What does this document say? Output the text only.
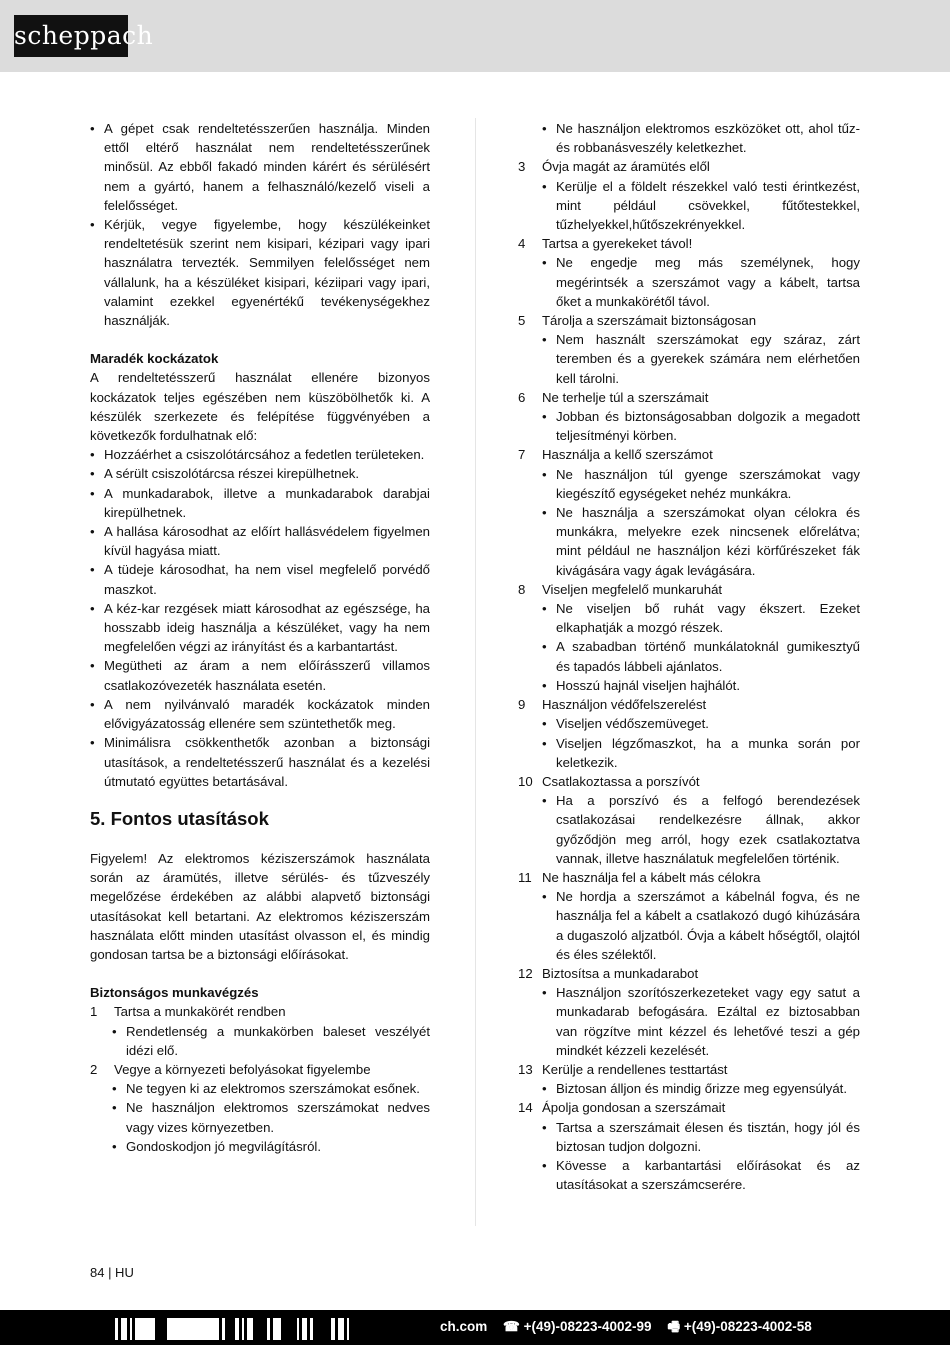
scheppach
• A gépet csak rendeltetésszerűen használja. Minden ettől eltérő használat nem rendeltetésszerűnek minősül. Az ebből fakadó minden kárért és sérülésért nem a gyártó, hanem a felhasználó/kezelő viseli a felelősséget.
• Kérjük, vegye figyelembe, hogy készülékeinket rendeltetésük szerint nem kisipari, kézipari vagy ipari használatra tervezték. Semmilyen felelősséget nem vállalunk, ha a készüléket kisipari, kéziipari vagy ipari, valamint ezekkel egyenértékű tevékenységekhez használják.

Maradék kockázatok

A rendeltetésszerű használat ellenére bizonyos kockázatok teljes egészében nem küszöbölhetők ki. A készülék szerkezete és felépítése függvényében a következők fordulhatnak elő:

• Hozzáérhet a csiszolótárcsához a fedetlen területeken.
• A sérült csiszolótárcsa részei kirepülhetnek.
• A munkadarabok, illetve a munkadarabok darabjai kirepülhetnek.
• A hallása károsodhat az előírt hallásvédelem figyelmen kívül hagyása miatt.
• A tüdeje károsodhat, ha nem visel megfelelő porvédő maszkot.
• A kéz-kar rezgések miatt károsodhat az egészsége, ha hosszabb ideig használja a készüléket, vagy ha nem megfelelően végzi az irányítást és a karbantartást.
• Megütheti az áram a nem előírásszerű villamos csatlakozóvezeték használata esetén.
• A nem nyilvánvaló maradék kockázatok minden elővigyázatosság ellenére sem szüntethetők meg.
• Minimálisra csökkenthetők azonban a biztonsági utasítások, a rendeltetésszerű használat és a kezelési útmutató együttes betartásával.

5. Fontos utasítások

Figyelem! Az elektromos kéziszerszámok használata során az áramütés, illetve sérülés- és tűzveszély megelőzése érdekében az alábbi alapvető biztonsági utasításokat kell betartani. Az elektromos kéziszerszám használata előtt minden utasítást olvasson el, és mindig gondosan tartsa be a biztonsági előírásokat.

Biztonságos munkavégzés

1 Tartsa a munkakörét rendben
• Rendetlenség a munkakörben baleset veszélyét idézi elő.
2 Vegye a környezeti befolyásokat figyelembe
• Ne tegyen ki az elektromos szerszámokat esőnek.
• Ne használjon elektromos szerszámokat nedves vagy vizes környezetben.
• Gondoskodjon jó megvilágításról.
• Ne használjon elektromos eszközöket ott, ahol tűz- és robbanásveszély keletkezhet.
3 Óvja magát az áramütés elől
• Kerülje el a földelt részekkel való testi érintkezést, mint például csövekkel, fűtőtestekkel, tűzhelyekkel,hűtőszekrényekkel.
4 Tartsa a gyerekeket távol!
• Ne engedje meg más személynek, hogy megérintsék a szerszámot vagy a kábelt, tartsa őket a munkakörétől távol.
5 Tárolja a szerszámait biztonságosan
• Nem használt szerszámokat egy száraz, zárt teremben és a gyerekek számára nem elérhetően kell tárolni.
6 Ne terhelje túl a szerszámait
• Jobban és biztonságosabban dolgozik a megadott teljesítményi körben.
7 Használja a kellő szerszámot
• Ne használjon túl gyenge szerszámokat vagy kiegészítő egységeket nehéz munkákra.
• Ne használja a szerszámokat olyan célokra és munkákra, melyekre ezek nincsenek előrelátva; mint például ne használjon kézi körfűrészeket fák kivágására vagy ágak levágására.
8 Viseljen megfelelő munkaruhát
• Ne viseljen bő ruhát vagy ékszert. Ezeket elkaphatják a mozgó részek.
• A szabadban történő munkálatoknál gumikesztyű és tapadós lábbeli ajánlatos.
• Hosszú hajnál viseljen hajhálót.
9 Használjon védőfelszerelést
• Viseljen védőszemüveget.
• Viseljen légzőmaszkot, ha a munka során por keletkezik.
10 Csatlakoztassa a porszívót
• Ha a porszívó és a felfogó berendezések csatlakozásai rendelkezésre állnak, akkor győződjön meg arról, hogy ezek csatlakoztatva vannak, illetve használatuk megfelelően történik.
11 Ne használja fel a kábelt más célokra
• Ne hordja a szerszámot a kábelnál fogva, és ne használja fel a kábelt a csatlakozó dugó kihúzására a dugaszoló aljzatból. Óvja a kábelt hőségtől, olajtól és éles szélektől.
12 Biztosítsa a munkadarabot
• Használjon szorítószerkezeteket vagy egy satut a munkadarab befogására. Ezáltal ez biztosabban van rögzítve mint kézzel és lehetővé teszi a gép mindkét kézzeli kezelését.
13 Kerülje a rendellenes testtartást
• Biztosan álljon és mindig őrizze meg egyensúlyát.
14 Ápolja gondosan a szerszámait
• Tartsa a szerszámait élesen és tisztán, hogy jól és biztosan tudjon dolgozni.
• Kövesse a karbantartási előírásokat és az utasításokat a szerszámcserére.
84 | HU
ch.com ☎ +(49)-08223-4002-99 🖷 +(49)-08223-4002-58
